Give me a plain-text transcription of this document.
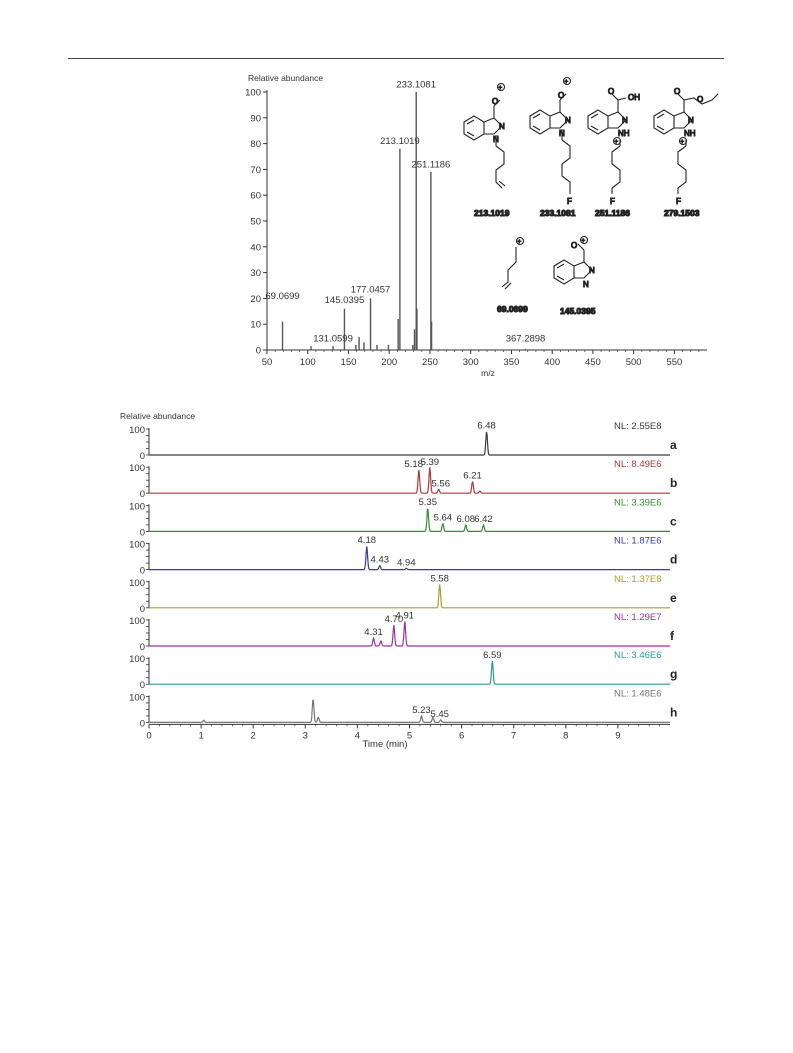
Relative abundance
m/z
50	100	150	200	250	300	350	400	450	500	550
0
10
20
30
40
50
60
70
80
90
100
69.0699
131.0599
145.0395
177.0457
213.1019
233.1081
251.1186
367.2898
O
N
N
+
213.1019
O
N
N
F
+
233.1081
O
OH
N
NH
F
+
251.1186
O
O
N
NH
F
+
279.1503
+
69.0699
O
N
N
+
145.0395
Relative abundance
Time (min)
100
0
6.48	NL: 2.55E8
a
100
0
5.18
5.39
5.56
6.21
NL: 8.49E6
b
100
0
5.35
5.64 6.08 6.42
NL: 3.39E6
c
100
0
4.18
4.43 4.94
NL: 1.87E6
d
100
0
5.58	NL: 1.37E8
e
100
0
4.31
4.70
4.91	NL: 1.29E7
f
100
0
6.59	NL: 3.46E6
g
100
0
5.23 5.45
NL: 1.48E6
h
0	1	2	3	4	5	6	7	8	9
